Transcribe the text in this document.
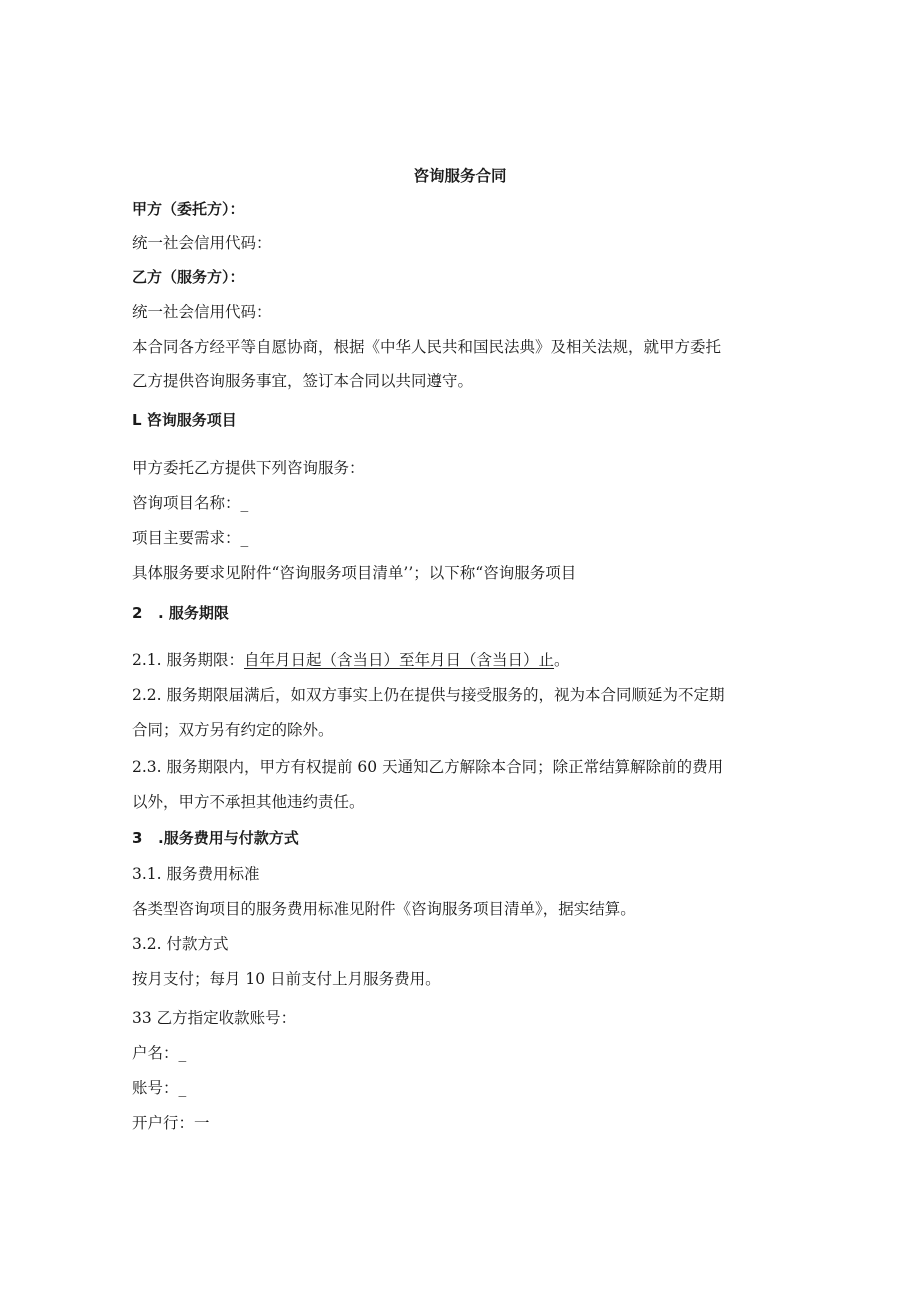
咨询服务合同
甲方（委托方）：
统一社会信用代码：
乙方（服务方）：
统一社会信用代码：
本合同各方经平等自愿协商，根据《中华人民共和国民法典》及相关法规，就甲方委托
乙方提供咨询服务事宜，签订本合同以共同遵守。
L 咨询服务项目
甲方委托乙方提供下列咨询服务：
咨询项目名称：_
项目主要需求：_
具体服务要求见附件“咨询服务项目清单’’；以下称“咨询服务项目
2 . 服务期限
2.1. 服务期限：自年月日起（含当日）至年月日（含当日）止。
2.2. 服务期限届满后，如双方事实上仍在提供与接受服务的，视为本合同顺延为不定期
合同；双方另有约定的除外。
2.3. 服务期限内，甲方有权提前 60 天通知乙方解除本合同；除正常结算解除前的费用
以外，甲方不承担其他违约责任。
3 .服务费用与付款方式
3.1. 服务费用标准
各类型咨询项目的服务费用标准见附件《咨询服务项目清单》，据实结算。
3.2. 付款方式
按月支付；每月 10 日前支付上月服务费用。
33 乙方指定收款账号：
户名：_
账号：_
开户行：一
